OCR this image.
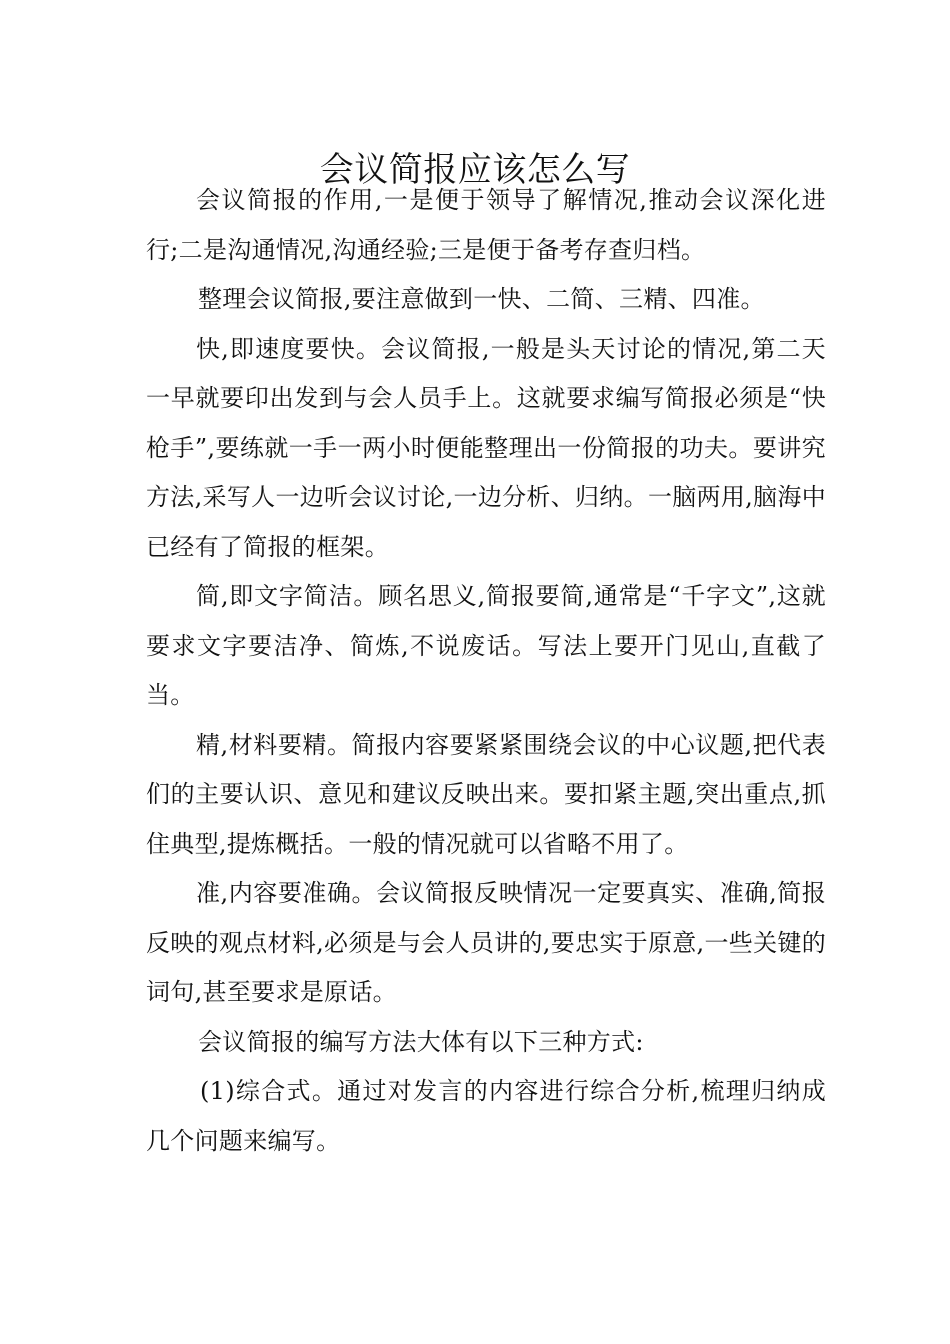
会议简报应该怎么写

会议简报的作用,一是便于领导了解情况,推动会议深化进行;二是沟通情况,沟通经验;三是便于备考存查归档。

整理会议简报,要注意做到一快、二简、三精、四准。

快,即速度要快。会议简报,一般是头天讨论的情况,第二天一早就要印出发到与会人员手上。这就要求编写简报必须是“快枪手”,要练就一手一两小时便能整理出一份简报的功夫。要讲究方法,采写人一边听会议讨论,一边分析、归纳。一脑两用,脑海中已经有了简报的框架。

简,即文字简洁。顾名思义,简报要简,通常是“千字文”,这就要求文字要洁净、简炼,不说废话。写法上要开门见山,直截了当。

精,材料要精。简报内容要紧紧围绕会议的中心议题,把代表们的主要认识、意见和建议反映出来。要扣紧主题,突出重点,抓住典型,提炼概括。一般的情况就可以省略不用了。

准,内容要准确。会议简报反映情况一定要真实、准确,简报反映的观点材料,必须是与会人员讲的,要忠实于原意,一些关键的词句,甚至要求是原话。

会议简报的编写方法大体有以下三种方式:

(1)综合式。通过对发言的内容进行综合分析,梳理归纳成几个问题来编写。
